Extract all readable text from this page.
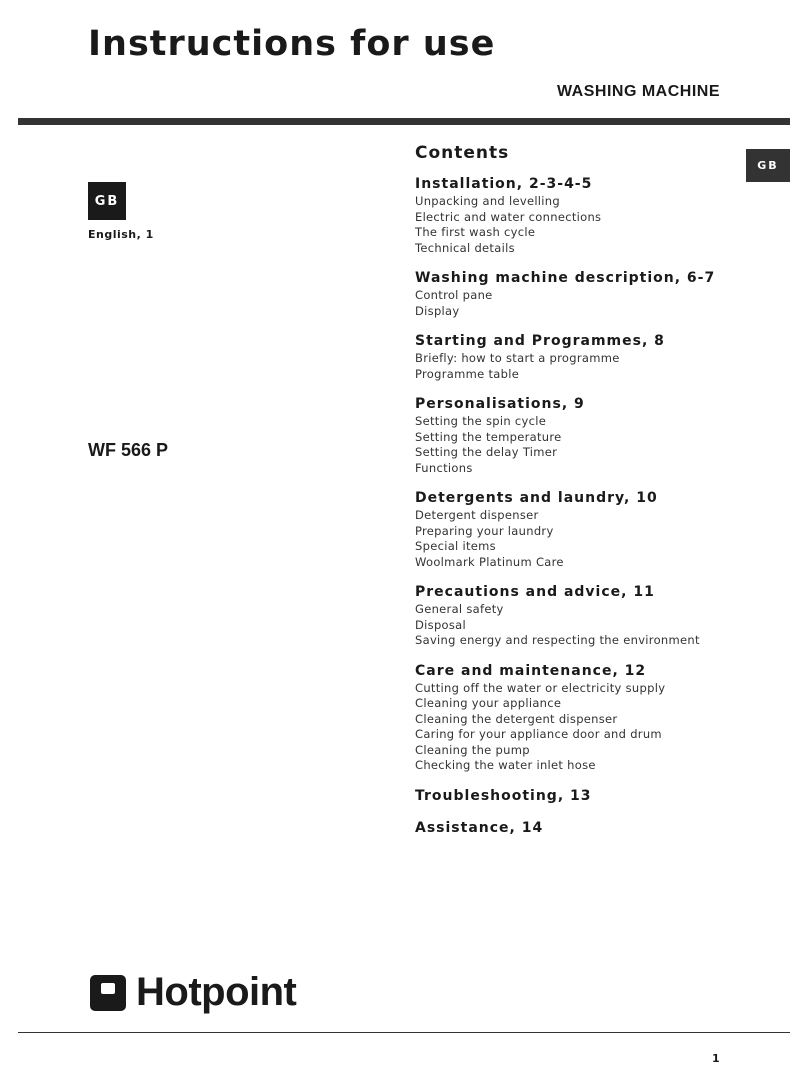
Instructions for use
WASHING MACHINE
GB
English, 1
WF 566 P
GB
Contents
Installation, 2-3-4-5
Unpacking and levelling
Electric and water connections
The first wash cycle
Technical details
Washing machine description, 6-7
Control pane
Display
Starting and Programmes, 8
Briefly: how to start a programme
Programme table
Personalisations, 9
Setting the spin cycle
Setting the temperature
Setting the delay Timer
Functions
Detergents and laundry, 10
Detergent dispenser
Preparing your laundry
Special items
Woolmark Platinum Care
Precautions and advice, 11
General safety
Disposal
Saving energy and respecting the environment
Care and maintenance, 12
Cutting off the water or electricity supply
Cleaning your appliance
Cleaning the detergent dispenser
Caring for your appliance door and drum
Cleaning the pump
Checking the water inlet hose
Troubleshooting, 13
Assistance, 14
Hotpoint
1
